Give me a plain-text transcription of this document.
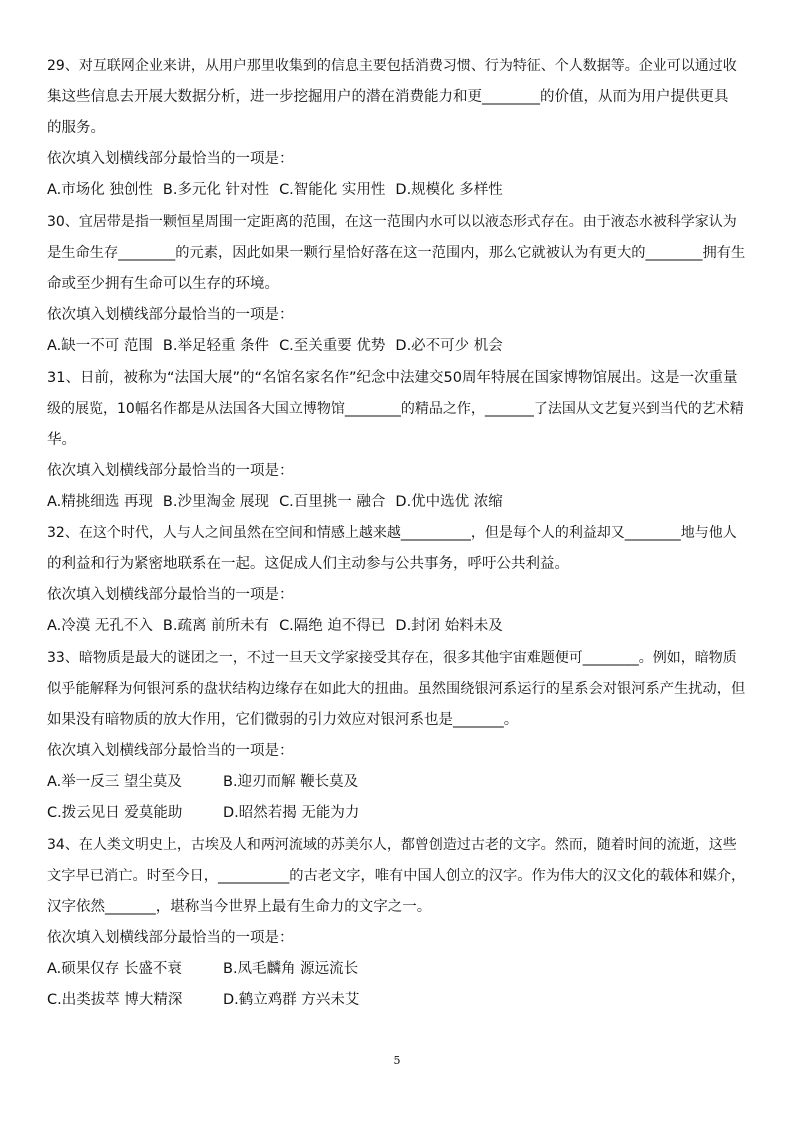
29、对互联网企业来讲，从用户那里收集到的信息主要包括消费习惯、行为特征、个人数据等。企业可以通过收
集这些信息去开展大数据分析，进一步挖掘用户的潜在消费能力和更________的价值，从而为用户提供更具
的服务。
依次填入划横线部分最恰当的一项是：
A.市场化 独创性 B.多元化 针对性 C.智能化 实用性 D.规模化 多样性
30、宜居带是指一颗恒星周围一定距离的范围，在这一范围内水可以以液态形式存在。由于液态水被科学家认为
是生命生存________的元素，因此如果一颗行星恰好落在这一范围内，那么它就被认为有更大的________拥有生
命或至少拥有生命可以生存的环境。
依次填入划横线部分最恰当的一项是：
A.缺一不可 范围 B.举足轻重 条件 C.至关重要 优势 D.必不可少 机会
31、日前，被称为“法国大展”的“名馆名家名作”纪念中法建交50周年特展在国家博物馆展出。这是一次重量
级的展览，10幅名作都是从法国各大国立博物馆________的精品之作，_______了法国从文艺复兴到当代的艺术精
华。
依次填入划横线部分最恰当的一项是：
A.精挑细选 再现 B.沙里淘金 展现 C.百里挑一 融合 D.优中选优 浓缩
32、在这个时代，人与人之间虽然在空间和情感上越来越__________，但是每个人的利益却又________地与他人
的利益和行为紧密地联系在一起。这促成人们主动参与公共事务，呼吁公共利益。
依次填入划横线部分最恰当的一项是：
A.冷漠 无孔不入 B.疏离 前所未有 C.隔绝 迫不得已 D.封闭 始料未及
33、暗物质是最大的谜团之一，不过一旦天文学家接受其存在，很多其他宇宙难题便可________。例如，暗物质
似乎能解释为何银河系的盘状结构边缘存在如此大的扭曲。虽然围绕银河系运行的星系会对银河系产生扰动，但
如果没有暗物质的放大作用，它们微弱的引力效应对银河系也是_______。
依次填入划横线部分最恰当的一项是：
A.举一反三 望尘莫及	B.迎刃而解 鞭长莫及
C.拨云见日 爱莫能助	D.昭然若揭 无能为力
34、在人类文明史上，古埃及人和两河流域的苏美尔人，都曾创造过古老的文字。然而，随着时间的流逝，这些
文字早已消亡。时至今日，__________的古老文字，唯有中国人创立的汉字。作为伟大的汉文化的载体和媒介，
汉字依然_______，堪称当今世界上最有生命力的文字之一。
依次填入划横线部分最恰当的一项是：
A.硕果仅存 长盛不衰	B.凤毛麟角 源远流长
C.出类拔萃 博大精深	D.鹤立鸡群 方兴未艾
5
